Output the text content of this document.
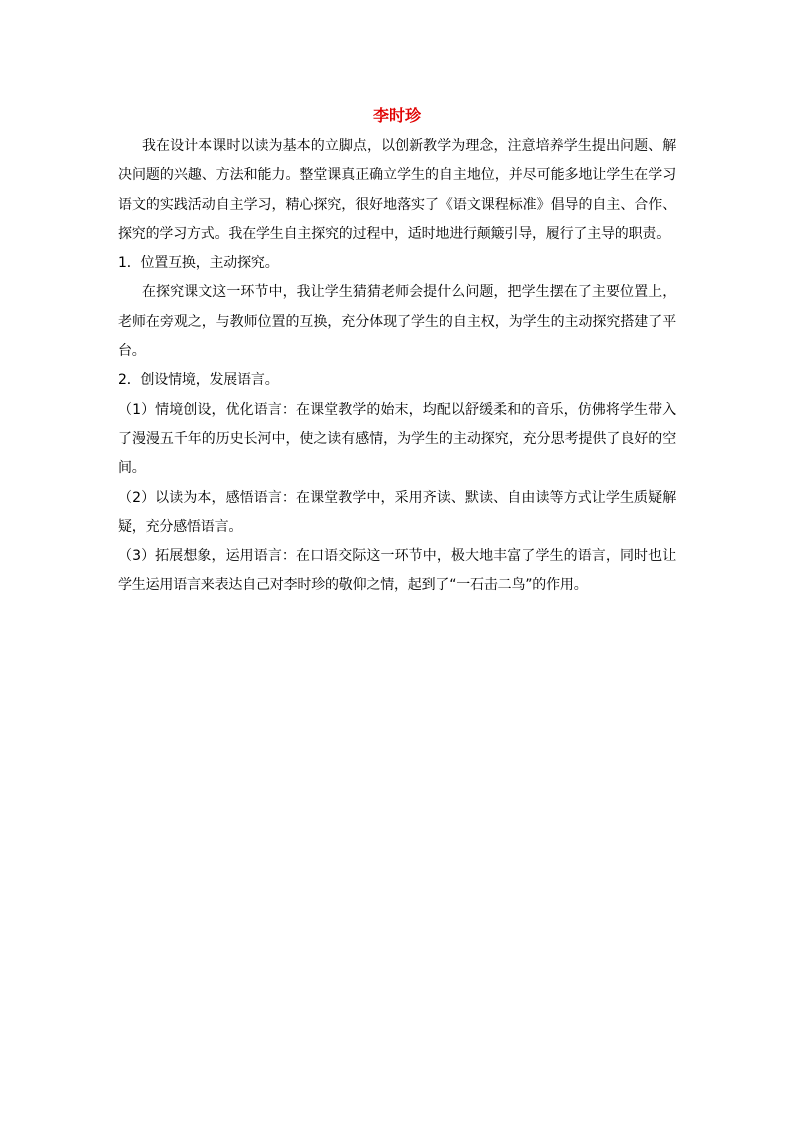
李时珍

我在设计本课时以读为基本的立脚点，以创新教学为理念，注意培养学生提出问题、解决问题的兴趣、方法和能力。整堂课真正确立学生的自主地位，并尽可能多地让学生在学习语文的实践活动自主学习，精心探究，很好地落实了《语文课程标准》倡导的自主、合作、探究的学习方式。我在学生自主探究的过程中，适时地进行颠簸引导，履行了主导的职责。

1．位置互换，主动探究。

在探究课文这一环节中，我让学生猜猜老师会提什么问题，把学生摆在了主要位置上，老师在旁观之，与教师位置的互换，充分体现了学生的自主权，为学生的主动探究搭建了平台。

2．创设情境，发展语言。

（1）情境创设，优化语言：在课堂教学的始末，均配以舒缓柔和的音乐，仿佛将学生带入了漫漫五千年的历史长河中，使之读有感情，为学生的主动探究，充分思考提供了良好的空间。

（2）以读为本，感悟语言：在课堂教学中，采用齐读、默读、自由读等方式让学生质疑解疑，充分感悟语言。

（3）拓展想象，运用语言：在口语交际这一环节中，极大地丰富了学生的语言，同时也让学生运用语言来表达自己对李时珍的敬仰之情，起到了“一石击二鸟”的作用。
